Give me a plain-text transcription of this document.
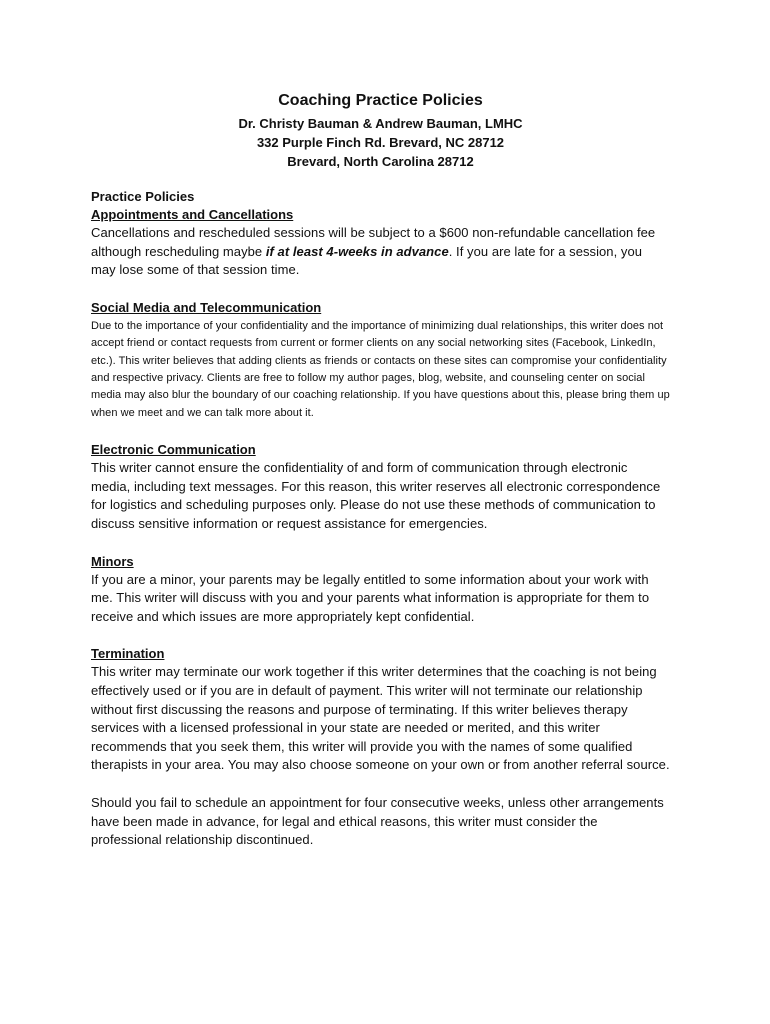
Coaching Practice Policies

Dr. Christy Bauman & Andrew Bauman, LMHC

332 Purple Finch Rd. Brevard, NC 28712

Brevard, North Carolina 28712

Practice Policies

Appointments and Cancellations

Cancellations and rescheduled sessions will be subject to a $600 non-refundable cancellation fee although rescheduling maybe if at least 4-weeks in advance. If you are late for a session, you may lose some of that session time.

Social Media and Telecommunication

Due to the importance of your confidentiality and the importance of minimizing dual relationships, this writer does not accept friend or contact requests from current or former clients on any social networking sites (Facebook, LinkedIn, etc.). This writer believes that adding clients as friends or contacts on these sites can compromise your confidentiality and respective privacy. Clients are free to follow my author pages, blog, website, and counseling center on social media may also blur the boundary of our coaching relationship. If you have questions about this, please bring them up when we meet and we can talk more about it.

Electronic Communication

This writer cannot ensure the confidentiality of and form of communication through electronic media, including text messages. For this reason, this writer reserves all electronic correspondence for logistics and scheduling purposes only. Please do not use these methods of communication to discuss sensitive information or request assistance for emergencies.

Minors

If you are a minor, your parents may be legally entitled to some information about your work with me. This writer will discuss with you and your parents what information is appropriate for them to receive and which issues are more appropriately kept confidential.

Termination

This writer may terminate our work together if this writer determines that the coaching is not being effectively used or if you are in default of payment. This writer will not terminate our relationship without first discussing the reasons and purpose of terminating. If this writer believes therapy services with a licensed professional in your state are needed or merited, and this writer recommends that you seek them, this writer will provide you with the names of some qualified therapists in your area. You may also choose someone on your own or from another referral source.

Should you fail to schedule an appointment for four consecutive weeks, unless other arrangements have been made in advance, for legal and ethical reasons, this writer must consider the professional relationship discontinued.
